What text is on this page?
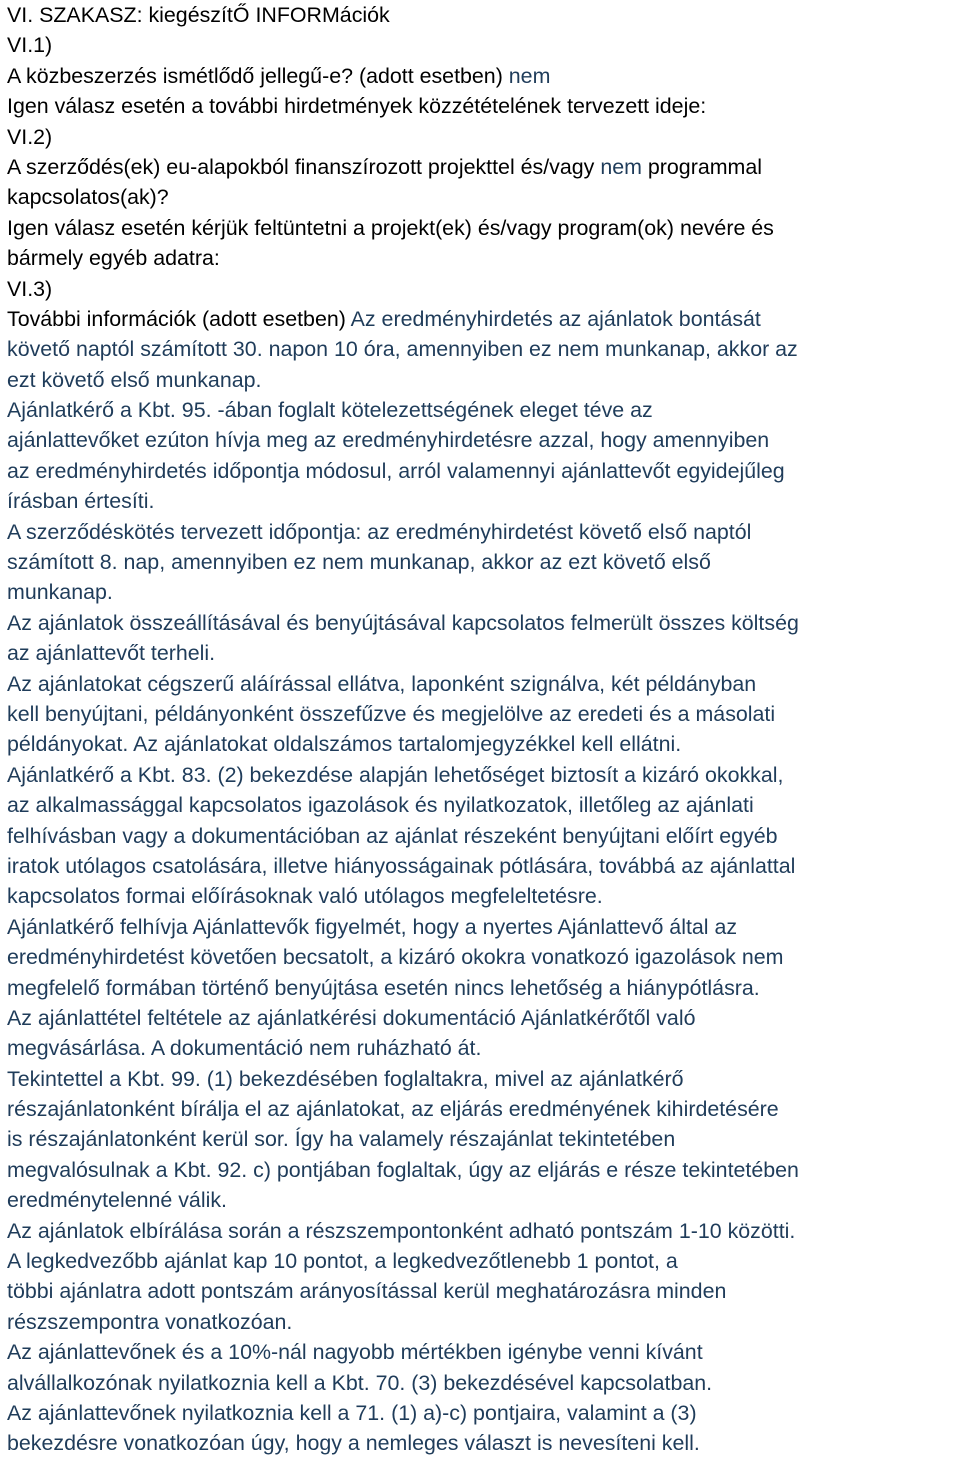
VI. SZAKASZ: kiegészítŐ INFORMációk
VI.1)
A közbeszerzés ismétlődő jellegű-e? (adott esetben) nem
Igen válasz esetén a további hirdetmények közzétételének tervezett ideje:
VI.2)
A szerződés(ek) eu-alapokból finanszírozott projekttel és/vagy nem programmal
kapcsolatos(ak)?
Igen válasz esetén kérjük feltüntetni a projekt(ek) és/vagy program(ok) nevére és
bármely egyéb adatra:
VI.3)
További információk (adott esetben) Az eredményhirdetés az ajánlatok bontását
követő naptól számított 30. napon 10 óra, amennyiben ez nem munkanap, akkor az
ezt követő első munkanap.
Ajánlatkérő a Kbt. 95. -ában foglalt kötelezettségének eleget téve az
ajánlattevőket ezúton hívja meg az eredményhirdetésre azzal, hogy amennyiben
az eredményhirdetés időpontja módosul, arról valamennyi ajánlattevőt egyidejűleg
írásban értesíti.
A szerződéskötés tervezett időpontja: az eredményhirdetést követő első naptól
számított 8. nap, amennyiben ez nem munkanap, akkor az ezt követő első
munkanap.
Az ajánlatok összeállításával és benyújtásával kapcsolatos felmerült összes költség
az ajánlattevőt terheli.
Az ajánlatokat cégszerű aláírással ellátva, laponként szignálva, két példányban
kell benyújtani, példányonként összefűzve és megjelölve az eredeti és a másolati
példányokat. Az ajánlatokat oldalszámos tartalomjegyzékkel kell ellátni.
Ajánlatkérő a Kbt. 83. (2) bekezdése alapján lehetőséget biztosít a kizáró okokkal,
az alkalmassággal kapcsolatos igazolások és nyilatkozatok, illetőleg az ajánlati
felhívásban vagy a dokumentációban az ajánlat részeként benyújtani előírt egyéb
iratok utólagos csatolására, illetve hiányosságainak pótlására, továbbá az ajánlattal
kapcsolatos formai előírásoknak való utólagos megfeleltetésre.
Ajánlatkérő felhívja Ajánlattevők figyelmét, hogy a nyertes Ajánlattevő által az
eredményhirdetést követően becsatolt, a kizáró okokra vonatkozó igazolások nem
megfelelő formában történő benyújtása esetén nincs lehetőség a hiánypótlásra.
Az ajánlattétel feltétele az ajánlatkérési dokumentáció Ajánlatkérőtől való
megvásárlása. A dokumentáció nem ruházható át.
Tekintettel a Kbt. 99. (1) bekezdésében foglaltakra, mivel az ajánlatkérő
részajánlatonként bírálja el az ajánlatokat, az eljárás eredményének kihirdetésére
is részajánlatonként kerül sor. Így ha valamely részajánlat tekintetében
megvalósulnak a Kbt. 92. c) pontjában foglaltak, úgy az eljárás e része tekintetében
eredménytelenné válik.
Az ajánlatok elbírálása során a részszempontonként adható pontszám 1-10 közötti.
A legkedvezőbb ajánlat kap 10 pontot, a legkedvezőtlenebb 1 pontot, a
többi ajánlatra adott pontszám arányosítással kerül meghatározásra minden
részszempontra vonatkozóan.
Az ajánlattevőnek és a 10%-nál nagyobb mértékben igénybe venni kívánt
alvállalkozónak nyilatkoznia kell a Kbt. 70. (3) bekezdésével kapcsolatban.
Az ajánlattevőnek nyilatkoznia kell a 71. (1) a)-c) pontjaira, valamint a (3)
bekezdésre vonatkozóan úgy, hogy a nemleges választ is nevesíteni kell.
